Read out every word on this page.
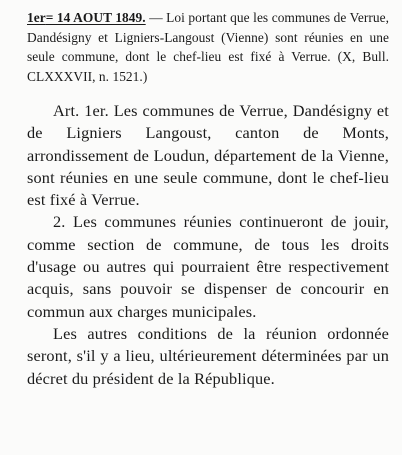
1er= 14 AOUT 1849. — Loi portant que les communes de Verrue, Dandésigny et Ligniers-Langoust (Vienne) sont réunies en une seule commune, dont le chef-lieu est fixé à Verrue. (X, Bull. CLXXXVII, n. 1521.)

Art. 1er. Les communes de Verrue, Dandésigny et de Ligniers Langoust, canton de Monts, arrondissement de Loudun, département de la Vienne, sont réunies en une seule commune, dont le chef-lieu est fixé à Verrue.

2. Les communes réunies continueront de jouir, comme section de commune, de tous les droits d'usage ou autres qui pourraient être respectivement acquis, sans pouvoir se dispenser de concourir en commun aux charges municipales.

Les autres conditions de la réunion ordonnée seront, s'il y a lieu, ultérieurement déterminées par un décret du président de la République.
